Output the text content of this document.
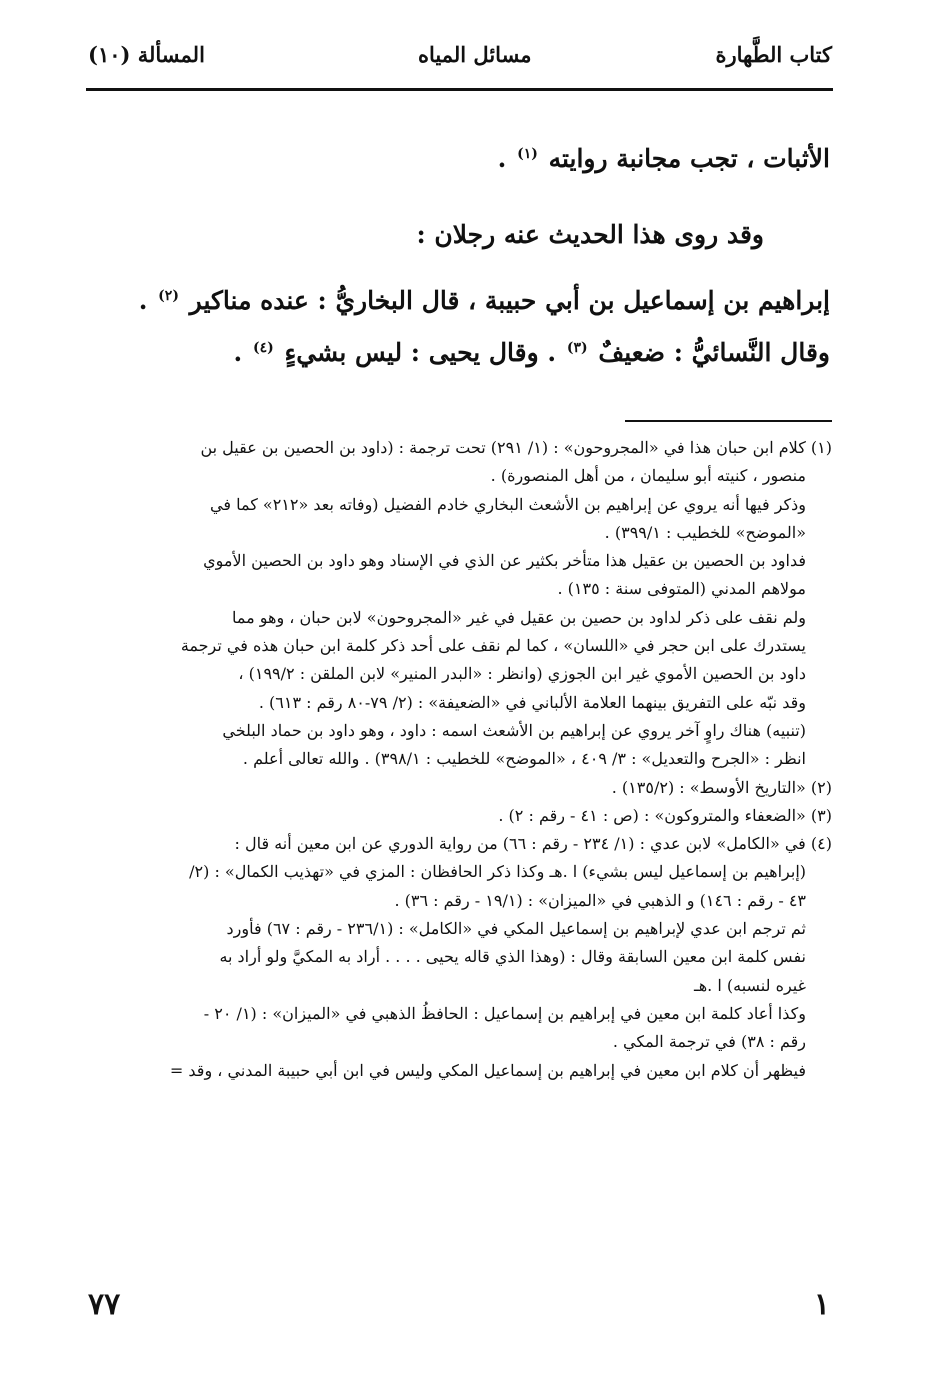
كتاب الطَّهارة
مسائل المياه
المسألة (١٠)
الأثبات ، تجب مجانبة روايته $^{(١)}$ .
وقد روى هذا الحديث عنه رجلان :
إبراهيم بن إسماعيل بن أبي حبيبة ، قال البخاريُّ : عنده مناكير $^{(٢)}$ .
وقال النَّسائيُّ : ضعيفٌ $^{(٣)}$ . وقال يحيى : ليس بشيءٍ $^{(٤)}$ .

(١) كلام ابن حبان هذا في «المجروحون» : (١/ ٢٩١) تحت ترجمة : (داود بن الحصين بن عقيل بن

منصور ، كنيته أبو سليمان ، من أهل المنصورة) .

وذكر فيها أنه يروي عن إبراهيم بن الأشعث البخاري خادم الفضيل (وفاته بعد «٢١٢» كما في

«الموضح» للخطيب : ٣٩٩/١) .

فداود بن الحصين بن عقيل هذا متأخر بكثير عن الذي في الإسناد وهو داود بن الحصين الأموي

مولاهم المدني (المتوفى سنة : ١٣٥) .

ولم نقف على ذكر لداود بن حصين بن عقيل في غير «المجروحون» لابن حبان ، وهو مما

يستدرك على ابن حجر في «اللسان» ، كما لم نقف على أحد ذكر كلمة ابن حبان هذه في ترجمة

داود بن الحصين الأموي غير ابن الجوزي (وانظر : «البدر المنير» لابن الملقن : ١٩٩/٢) ،

وقد نبّه على التفريق بينهما العلامة الألباني في «الضعيفة» : (٢/ ٧٩-٨٠ رقم : ٦١٣) .

(تنبيه) هناك راوٍ آخر يروي عن إبراهيم بن الأشعث اسمه : داود ، وهو داود بن حماد البلخي

انظر : «الجرح والتعديل» : ٣/ ٤٠٩ ، «الموضح» للخطيب : ٣٩٨/١) . والله تعالى أعلم .

(٢) «التاريخ الأوسط» : (١٣٥/٢) .

(٣) «الضعفاء والمتروكون» : (ص : ٤١ - رقم : ٢) .

(٤) في «الكامل» لابن عدي : (١/ ٢٣٤ - رقم : ٦٦) من رواية الدوري عن ابن معين أنه قال :

(إبراهيم بن إسماعيل ليس بشيء) ا .هـ وكذا ذكر الحافظان : المزي في «تهذيب الكمال» : (٢/

٤٣ - رقم : ١٤٦) و الذهبي في «الميزان» : (١٩/١ - رقم : ٣٦) .

ثم ترجم ابن عدي لإبراهيم بن إسماعيل المكي في «الكامل» : (٢٣٦/١ - رقم : ٦٧) فأورد

نفس كلمة ابن معين السابقة وقال : (وهذا الذي قاله يحيى . . . . أراد به المكيَّ ولو أراد به

غيره لنسبه) ا .هـ

وكذا أعاد كلمة ابن معين في إبراهيم بن إسماعيل : الحافظُ الذهبي في «الميزان» : (١/ ٢٠ -

رقم : ٣٨) في ترجمة المكي .

فيظهر أن كلام ابن معين في إبراهيم بن إسماعيل المكي وليس في ابن أبي حبيبة المدني ، وقد =

٧٧	١
